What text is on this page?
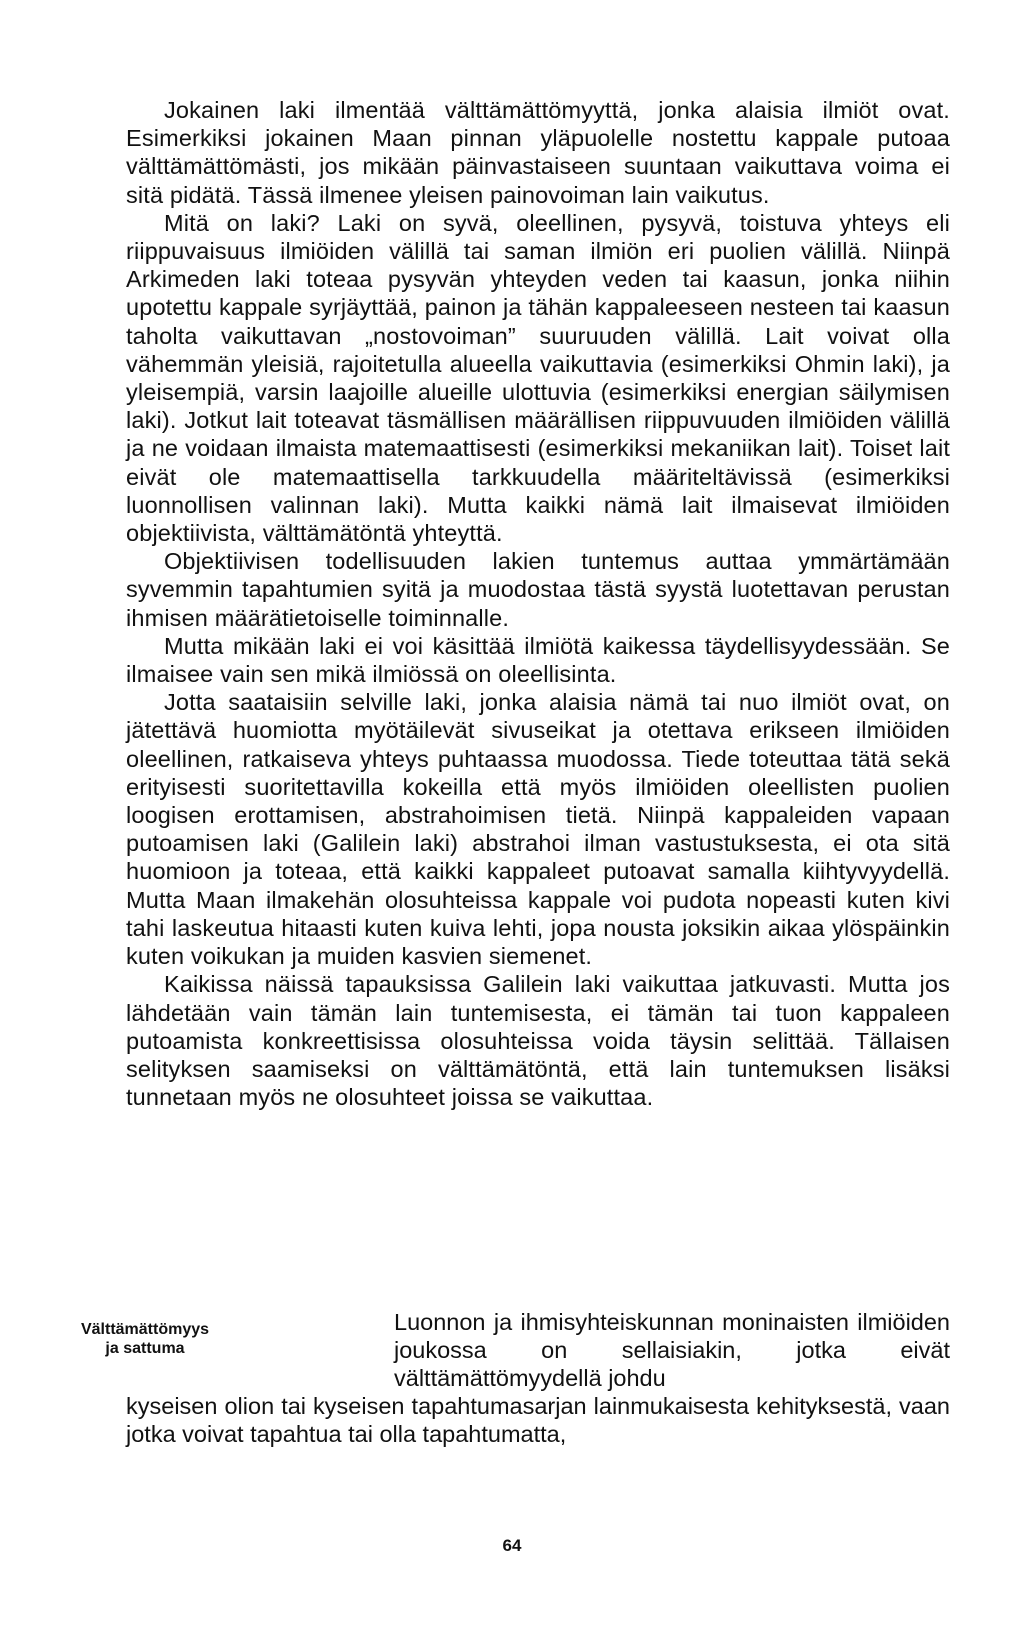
Jokainen laki ilmentää välttämättömyyttä, jonka alaisia ilmiöt ovat. Esimerkiksi jokainen Maan pinnan yläpuolelle nostettu kappale putoaa välttämättömästi, jos mikään päinvastaiseen suuntaan vaikuttava voima ei sitä pidätä. Tässä ilmenee yleisen painovoiman lain vaikutus.

Mitä on laki? Laki on syvä, oleellinen, pysyvä, toistuva yhteys eli riippuvaisuus ilmiöiden välillä tai saman ilmiön eri puolien välillä. Niinpä Arkimeden laki toteaa pysyvän yhteyden veden tai kaasun, jonka niihin upotettu kappale syrjäyttää, painon ja tähän kappaleeseen nesteen tai kaasun taholta vaikuttavan „nostovoiman” suuruuden välillä. Lait voivat olla vähemmän yleisiä, rajoitetulla alueella vaikuttavia (esimerkiksi Ohmin laki), ja yleisempiä, varsin laajoille alueille ulottuvia (esimerkiksi energian säilymisen laki). Jotkut lait toteavat täsmällisen määrällisen riippuvuuden ilmiöiden välillä ja ne voidaan ilmaista matemaattisesti (esimerkiksi mekaniikan lait). Toiset lait eivät ole matemaattisella tarkkuudella määriteltävissä (esimerkiksi luonnollisen valinnan laki). Mutta kaikki nämä lait ilmaisevat ilmiöiden objektiivista, välttämätöntä yhteyttä.

Objektiivisen todellisuuden lakien tuntemus auttaa ymmärtämään syvemmin tapahtumien syitä ja muodostaa tästä syystä luotettavan perustan ihmisen määrätietoiselle toiminnalle.

Mutta mikään laki ei voi käsittää ilmiötä kaikessa täydellisyydessään. Se ilmaisee vain sen mikä ilmiössä on oleellisinta.

Jotta saataisiin selville laki, jonka alaisia nämä tai nuo ilmiöt ovat, on jätettävä huomiotta myötäilevät sivuseikat ja otettava erikseen ilmiöiden oleellinen, ratkaiseva yhteys puhtaassa muodossa. Tiede toteuttaa tätä sekä erityisesti suoritettavilla kokeilla että myös ilmiöiden oleellisten puolien loogisen erottamisen, abstrahoimisen tietä. Niinpä kappaleiden vapaan putoamisen laki (Galilein laki) abstrahoi ilman vastustuksesta, ei ota sitä huomioon ja toteaa, että kaikki kappaleet putoavat samalla kiihtyvyydellä. Mutta Maan ilmakehän olosuhteissa kappale voi pudota nopeasti kuten kivi tahi laskeutua hitaasti kuten kuiva lehti, jopa nousta joksikin aikaa ylöspäinkin kuten voikukan ja muiden kasvien siemenet.

Kaikissa näissä tapauksissa Galilein laki vaikuttaa jatkuvasti. Mutta jos lähdetään vain tämän lain tuntemisesta, ei tämän tai tuon kappaleen putoamista konkreettisissa olosuhteissa voida täysin selittää. Tällaisen selityksen saamiseksi on välttämätöntä, että lain tuntemuksen lisäksi tunnetaan myös ne olosuhteet joissa se vaikuttaa.

Välttämättömyys
ja sattuma
Luonnon ja ihmisyhteiskunnan moninaisten ilmiöiden joukossa on sellaisiakin, jotka eivät välttämättömyydellä johdu
kyseisen olion tai kyseisen tapahtumasarjan lainmukaisesta kehityksestä, vaan jotka voivat tapahtua tai olla tapahtumatta,
64
